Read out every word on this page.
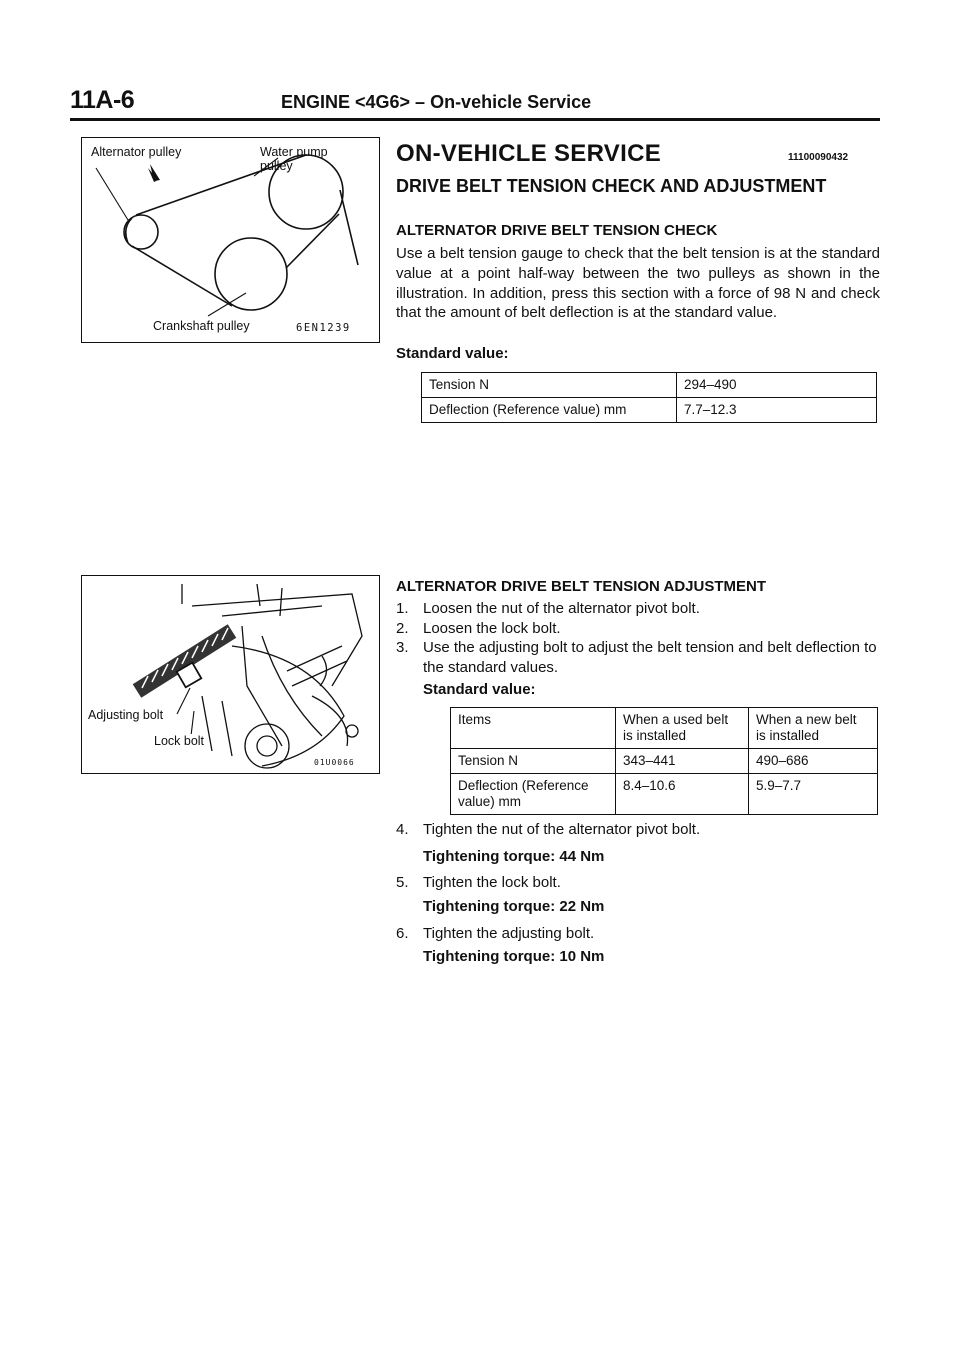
11A-6	ENGINE <4G6> – On-vehicle Service
Alternator pulley	Water pump pulley
Crankshaft pulley	6EN1239
ON-VEHICLE SERVICE	11100090432
DRIVE BELT TENSION CHECK AND ADJUSTMENT
ALTERNATOR DRIVE BELT TENSION CHECK
Use a belt tension gauge to check that the belt tension is at the standard value at a point half-way between the two pulleys as shown in the illustration. In addition, press this section with a force of 98 N and check that the amount of belt deflection is at the standard value.
Standard value:
Tension N	294–490
Deflection (Reference value) mm	7.7–12.3
Adjusting bolt
Lock bolt
01U0066
ALTERNATOR DRIVE BELT TENSION ADJUSTMENT
1. Loosen the nut of the alternator pivot bolt.
2. Loosen the lock bolt.
3. Use the adjusting bolt to adjust the belt tension and belt deflection to the standard values.
Standard value:
Items	When a used belt is installed	When a new belt is installed
Tension N	343–441	490–686
Deflection (Reference value) mm	8.4–10.6	5.9–7.7
4. Tighten the nut of the alternator pivot bolt.
Tightening torque: 44 Nm
5. Tighten the lock bolt.
Tightening torque: 22 Nm
6. Tighten the adjusting bolt.
Tightening torque: 10 Nm
